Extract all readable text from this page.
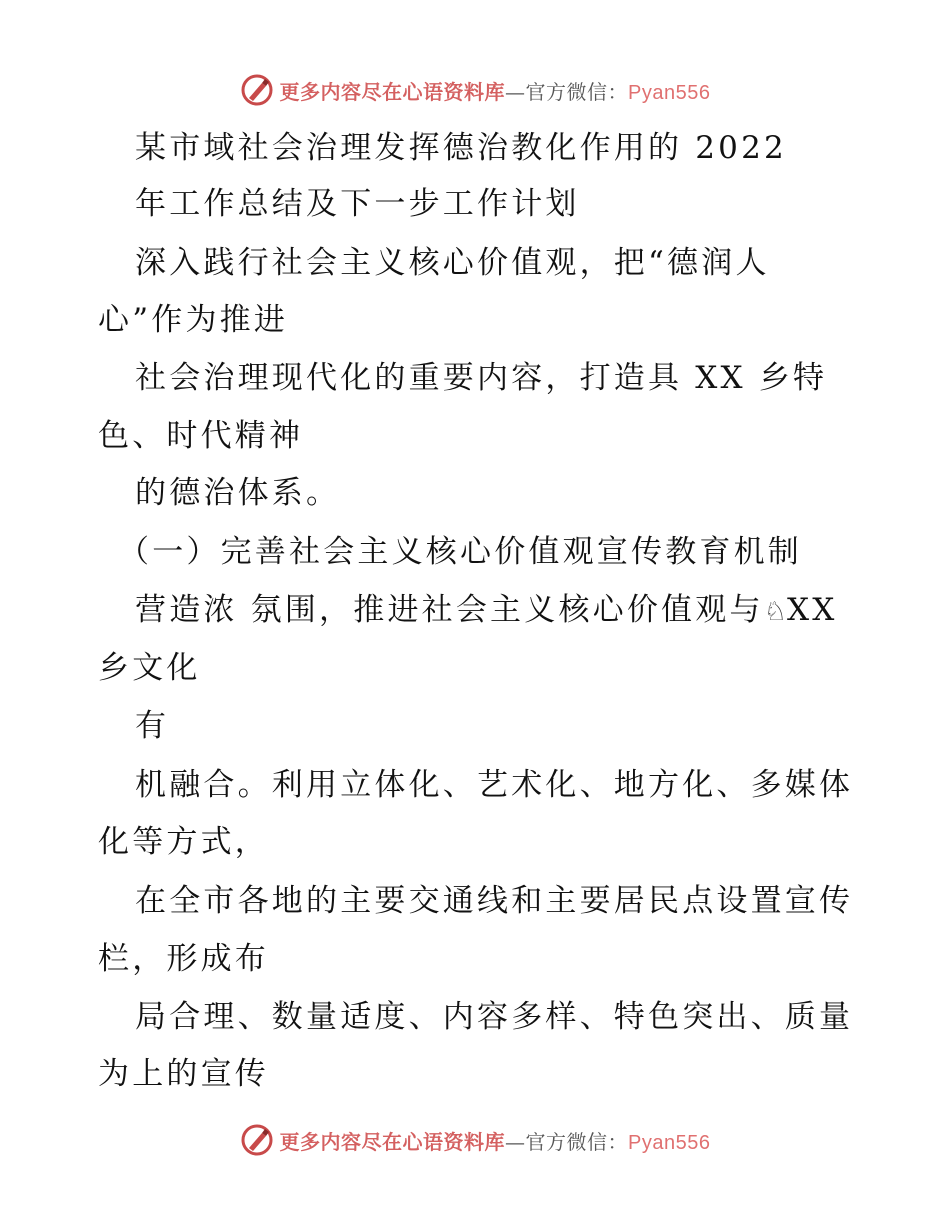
更多内容尽在心语资料库—官方微信：Pyan556
某市域社会治理发挥德治教化作用的 2022
年工作总结及下一步工作计划
深入践行社会主义核心价值观，把“德润人
心”作为推进
社会治理现代化的重要内容，打造具 XX 乡特
色、时代精神
的德治体系。
（一）完善社会主义核心价值观宣传教育机制
营造浓 氛围，推进社会主义核心价值观与♘XX
乡文化
有
机融合。利用立体化、艺术化、地方化、多媒体
化等方式，
在全市各地的主要交通线和主要居民点设置宣传
栏，形成布
局合理、数量适度、内容多样、特色突出、质量
为上的宣传
更多内容尽在心语资料库—官方微信：Pyan556
